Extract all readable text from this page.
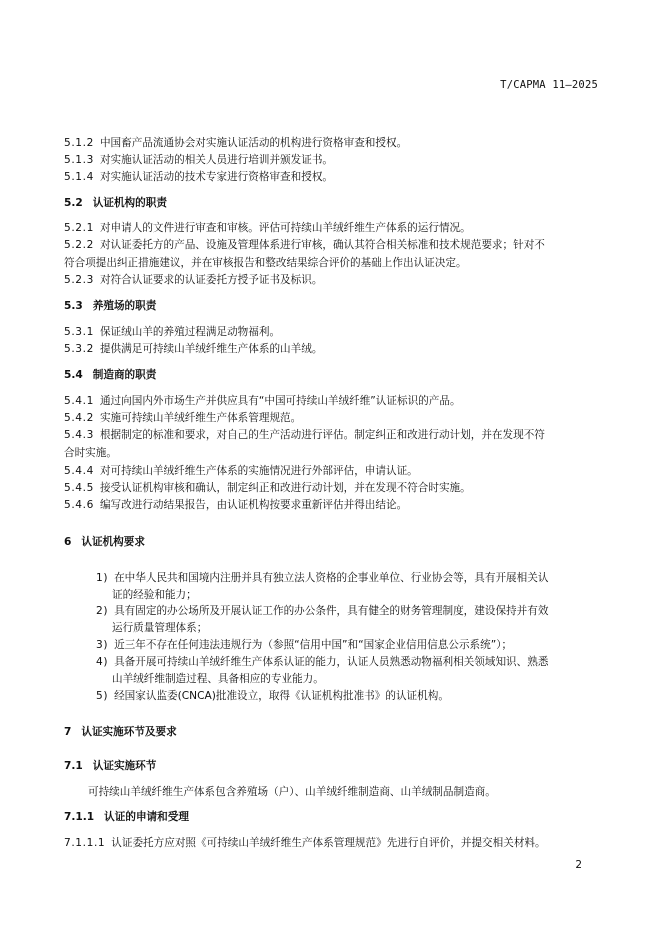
T/CAPMA 11—2025
5.1.2 中国畜产品流通协会对实施认证活动的机构进行资格审查和授权。
5.1.3 对实施认证活动的相关人员进行培训并颁发证书。
5.1.4 对实施认证活动的技术专家进行资格审查和授权。
5.2 认证机构的职责
5.2.1 对申请人的文件进行审查和审核。评估可持续山羊绒纤维生产体系的运行情况。
5.2.2 对认证委托方的产品、设施及管理体系进行审核，确认其符合相关标准和技术规范要求；针对不
符合项提出纠正措施建议，并在审核报告和整改结果综合评价的基础上作出认证决定。
5.2.3 对符合认证要求的认证委托方授予证书及标识。
5.3 养殖场的职责
5.3.1 保证绒山羊的养殖过程满足动物福利。
5.3.2 提供满足可持续山羊绒纤维生产体系的山羊绒。
5.4 制造商的职责
5.4.1 通过向国内外市场生产并供应具有“中国可持续山羊绒纤维”认证标识的产品。
5.4.2 实施可持续山羊绒纤维生产体系管理规范。
5.4.3 根据制定的标准和要求，对自己的生产活动进行评估。制定纠正和改进行动计划，并在发现不符
合时实施。
5.4.4 对可持续山羊绒纤维生产体系的实施情况进行外部评估，申请认证。
5.4.5 接受认证机构审核和确认，制定纠正和改进行动计划，并在发现不符合时实施。
5.4.6 编写改进行动结果报告，由认证机构按要求重新评估并得出结论。
6 认证机构要求
1) 在中华人民共和国境内注册并具有独立法人资格的企事业单位、行业协会等，具有开展相关认
证的经验和能力；
2) 具有固定的办公场所及开展认证工作的办公条件，具有健全的财务管理制度，建设保持并有效
运行质量管理体系；
3) 近三年不存在任何违法违规行为（参照“信用中国”和“国家企业信用信息公示系统”）；
4) 具备开展可持续山羊绒纤维生产体系认证的能力，认证人员熟悉动物福利相关领域知识、熟悉
山羊绒纤维制造过程、具备相应的专业能力。
5) 经国家认监委(CNCA)批准设立，取得《认证机构批准书》的认证机构。
7 认证实施环节及要求
7.1 认证实施环节
可持续山羊绒纤维生产体系包含养殖场（户）、山羊绒纤维制造商、山羊绒制品制造商。
7.1.1 认证的申请和受理
7.1.1.1 认证委托方应对照《可持续山羊绒纤维生产体系管理规范》先进行自评价，并提交相关材料。
2
